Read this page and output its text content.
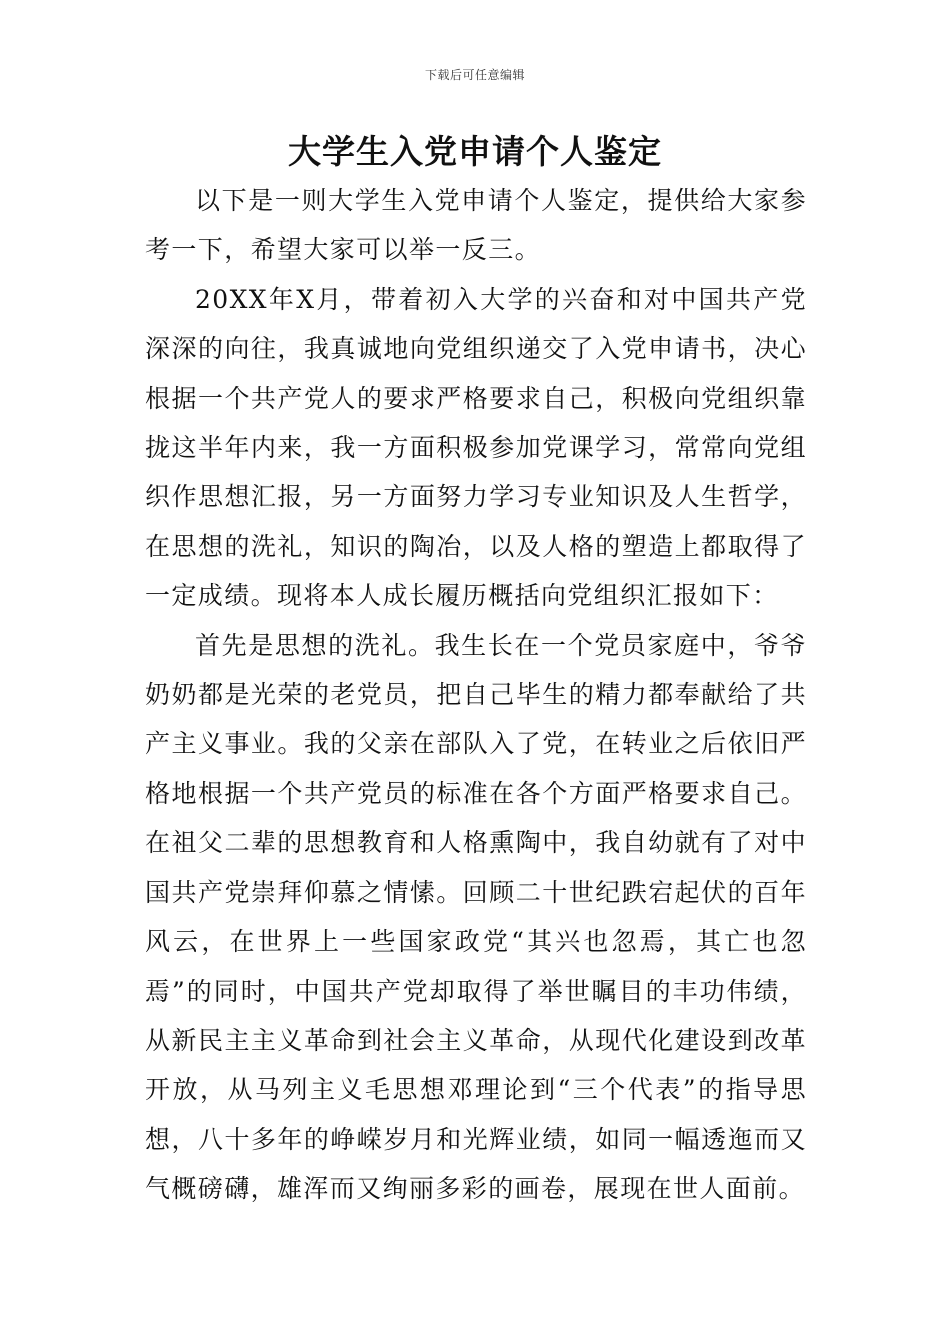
下载后可任意编辑
大学生入党申请个人鉴定

以下是一则大学生入党申请个人鉴定，提供给大家参考一下，希望大家可以举一反三。

20XX年X月，带着初入大学的兴奋和对中国共产党深深的向往，我真诚地向党组织递交了入党申请书，决心根据一个共产党人的要求严格要求自己，积极向党组织靠拢这半年内来，我一方面积极参加党课学习，常常向党组织作思想汇报，另一方面努力学习专业知识及人生哲学，在思想的洗礼，知识的陶冶，以及人格的塑造上都取得了一定成绩。现将本人成长履历概括向党组织汇报如下：

首先是思想的洗礼。我生长在一个党员家庭中，爷爷奶奶都是光荣的老党员，把自己毕生的精力都奉献给了共产主义事业。我的父亲在部队入了党，在转业之后依旧严格地根据一个共产党员的标准在各个方面严格要求自己。在祖父二辈的思想教育和人格熏陶中，我自幼就有了对中国共产党崇拜仰慕之情愫。回顾二十世纪跌宕起伏的百年风云，在世界上一些国家政党“其兴也忽焉，其亡也忽焉”的同时，中国共产党却取得了举世瞩目的丰功伟绩，从新民主主义革命到社会主义革命，从现代化建设到改革开放，从马列主义毛思想邓理论到“三个代表”的指导思想，八十多年的峥嵘岁月和光辉业绩，如同一幅透迤而又气概磅礴，雄浑而又绚丽多彩的画卷，展现在世人面前。
